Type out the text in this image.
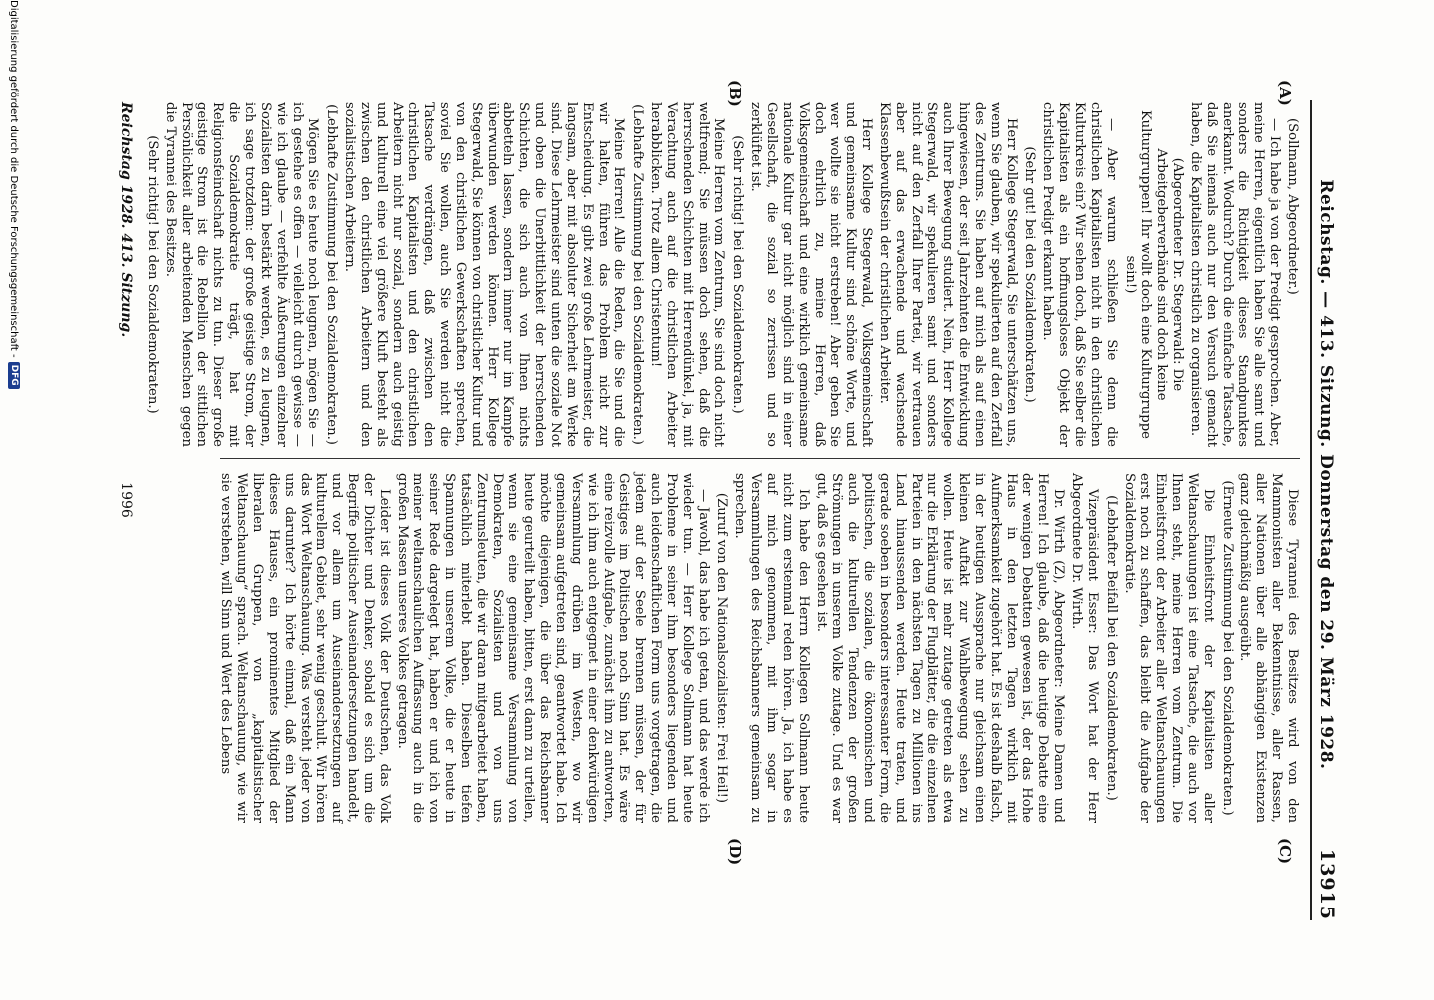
Reichstag. — 413. Sitzung. Donnerstag den 29. März 1928.
13915
(A)
(B)
(C)
(D)

(Sollmann, Abgeordneter.)

— Ich habe ja von der Predigt gesprochen. Aber, meine Herren, eigentlich haben Sie alle samt und sonders die Richtigkeit dieses Standpunktes anerkannt. Wodurch? Durch die einfache Tatsache, daß Sie niemals auch nur den Versuch gemacht haben, die Kapitalisten christlich zu organisieren.

(Abgeordneter Dr. Stegerwald: Die Arbeitgeberverbände sind doch keine Kulturgruppen! Ihr wollt doch eine Kulturgruppe sein!)

— Aber warum schließen Sie denn die christlichen Kapitalisten nicht in den christlichen Kulturkreis ein? Wir sehen doch, daß Sie selber die Kapitalisten als ein hoffnungsloses Objekt der christlichen Predigt erkannt haben.

(Sehr gut! bei den Sozialdemokraten.)

Herr Kollege Stegerwald, Sie unterschätzen uns, wenn Sie glauben, wir spekulierten auf den Zerfall des Zentrums. Sie haben auf mich als auf einen hingewiesen, der seit Jahrzehnten die Entwicklung auch Ihrer Bewegung studiert. Nein, Herr Kollege Stegerwald, wir spekulieren samt und sonders nicht auf den Zerfall Ihrer Partei, wir vertrauen aber auf das erwachende und wachsende Klassenbewußtsein der christlichen Arbeiter.

Herr Kollege Stegerwald, Volksgemeinschaft und gemeinsame Kultur sind schöne Worte, und wer wollte sie nicht erstreben! Aber geben Sie doch ehrlich zu, meine Herren, daß Volksgemeinschaft und eine wirklich gemeinsame nationale Kultur gar nicht möglich sind in einer Gesellschaft, die sozial so zerrissen und so zerklüftet ist.

(Sehr richtig! bei den Sozialdemokraten.)

Meine Herren vom Zentrum, Sie sind doch nicht weltfremd; Sie müssen doch sehen, daß die herrschenden Schichten mit Herrendünkel, ja, mit Verachtung auch auf die christlichen Arbeiter herabblicken. Trotz allem Christentum!

(Lebhafte Zustimmung bei den Sozialdemokraten.)

Meine Herren! Alle die Reden, die Sie und die wir halten, führen das Problem nicht zur Entscheidung. Es gibt zwei große Lehrmeister, die langsam, aber mit absoluter Sicherheit am Werke sind. Diese Lehrmeister sind unten die soziale Not und oben die Unerbittlichkeit der herrschenden Schichten, die sich auch von Ihnen nichts abbetteln lassen, sondern immer nur im Kampfe überwunden werden können. Herr Kollege Stegerwald, Sie können von christlicher Kultur und von den christlichen Gewerkschaften sprechen, soviel Sie wollen, auch Sie werden nicht die Tatsache verdrängen, daß zwischen den christlichen Kapitalisten und den christlichen Arbeitern nicht nur sozial, sondern auch geistig und kulturell eine viel größere Kluft besteht als zwischen den christlichen Arbeitern und den sozialistischen Arbeitern.

(Lebhafte Zustimmung bei den Sozialdemokraten.)

Mögen Sie es heute noch leugnen, mögen Sie — ich gestehe es offen — vielleicht durch gewisse — wie ich glaube — verfehlte Äußerungen einzelner Sozialisten darin bestärkt werden, es zu leugnen, ich sage trotzdem: der große geistige Strom, der die Sozialdemokratie trägt, hat mit Religionsfeindschaft nichts zu tun. Dieser große geistige Strom ist die Rebellion der sittlichen Persönlichkeit aller arbeitenden Menschen gegen die Tyrannei des Besitzes.

(Sehr richtig! bei den Sozialdemokraten.)

Diese Tyrannei des Besitzes wird von den Mammonisten aller Bekenntnisse, aller Rassen, aller Nationen über alle abhängigen Existenzen ganz gleichmäßig ausgeübt.

(Erneute Zustimmung bei den Sozialdemokraten.)

Die Einheitsfront der Kapitalisten aller Weltanschauungen ist eine Tatsache, die auch vor Ihnen steht, meine Herren vom Zentrum. Die Einheitsfront der Arbeiter aller Weltanschauungen erst noch zu schaffen, das bleibt die Aufgabe der Sozialdemokratie.

(Lebhafter Beifall bei den Sozialdemokraten.)

Vizepräsident Esser: Das Wort hat der Herr Abgeordnete Dr. Wirth.

Dr. Wirth (Z), Abgeordneter: Meine Damen und Herren! Ich glaube, daß die heutige Debatte eine der wenigen Debatten gewesen ist, der das Hohe Haus in den letzten Tagen wirklich mit Aufmerksamkeit zugehört hat. Es ist deshalb falsch, in der heutigen Aussprache nur gleichsam einen kleinen Auftakt zur Wahlbewegung sehen zu wollen. Heute ist mehr zutage getreten als etwa nur die Erklärung der Flugblätter, die die einzelnen Parteien in den nächsten Tagen zu Millionen ins Land hinaussenden werden. Heute traten, und gerade soeben in besonders interessanter Form, die politischen, die sozialen, die ökonomischen und auch die kulturellen Tendenzen der großen Strömungen in unserem Volke zutage. Und es war gut, daß es gesehen ist.

Ich habe den Herrn Kollegen Sollmann heute nicht zum erstenmal reden hören. Ja, ich habe es auf mich genommen, mit ihm sogar in Versammlungen des Reichsbanners gemeinsam zu sprechen.

(Zuruf von den Nationalsozialisten: Frei Heil!)

— Jawohl, das habe ich getan, und das werde ich wieder tun. — Herr Kollege Sollmann hat heute Probleme in seiner ihm besonders liegenden und auch leidenschaftlichen Form uns vorgetragen, die jedem auf der Seele brennen müssen, der für Geistiges im Politischen noch Sinn hat. Es wäre eine reizvolle Aufgabe, zunächst ihm zu antworten, wie ich ihm auch entgegnet in einer denkwürdigen Versammlung drüben im Westen, wo wir gemeinsam aufgetreten sind, geantwortet habe. Ich möchte diejenigen, die über das Reichsbanner heute geurteilt haben, bitten, erst dann zu urteilen, wenn sie eine gemeinsame Versammlung von Demokraten, Sozialisten und von uns Zentrumsleuten, die wir daran mitgearbeitet haben, tatsächlich miterlebt haben. Dieselben tiefen Spannungen in unserem Volke, die er heute in seiner Rede dargelegt hat, haben er und ich von meiner weltanschaulichen Auffassung auch in die großen Massen unseres Volkes getragen.

Leider ist dieses Volk der Deutschen, das Volk der Dichter und Denker, sobald es sich um die Begriffe politischer Auseinandersetzungen handelt, und vor allem um Auseinandersetzungen auf kulturellem Gebiet, sehr wenig geschult. Wir hören das Wort Weltanschauung. Was versteht jeder von uns darunter? Ich hörte einmal, daß ein Mann dieses Hauses, ein prominentes Mitglied der liberalen Gruppen, von „kapitalistischer Weltanschauung“ sprach. Weltanschauung, wie wir sie verstehen, will Sinn und Wert des Lebens

Reichstag 1928. 413. Sitzung.
1996
Digitalisierung gefördert durch die Deutsche Forschungsgemeinschaft -
DFG
